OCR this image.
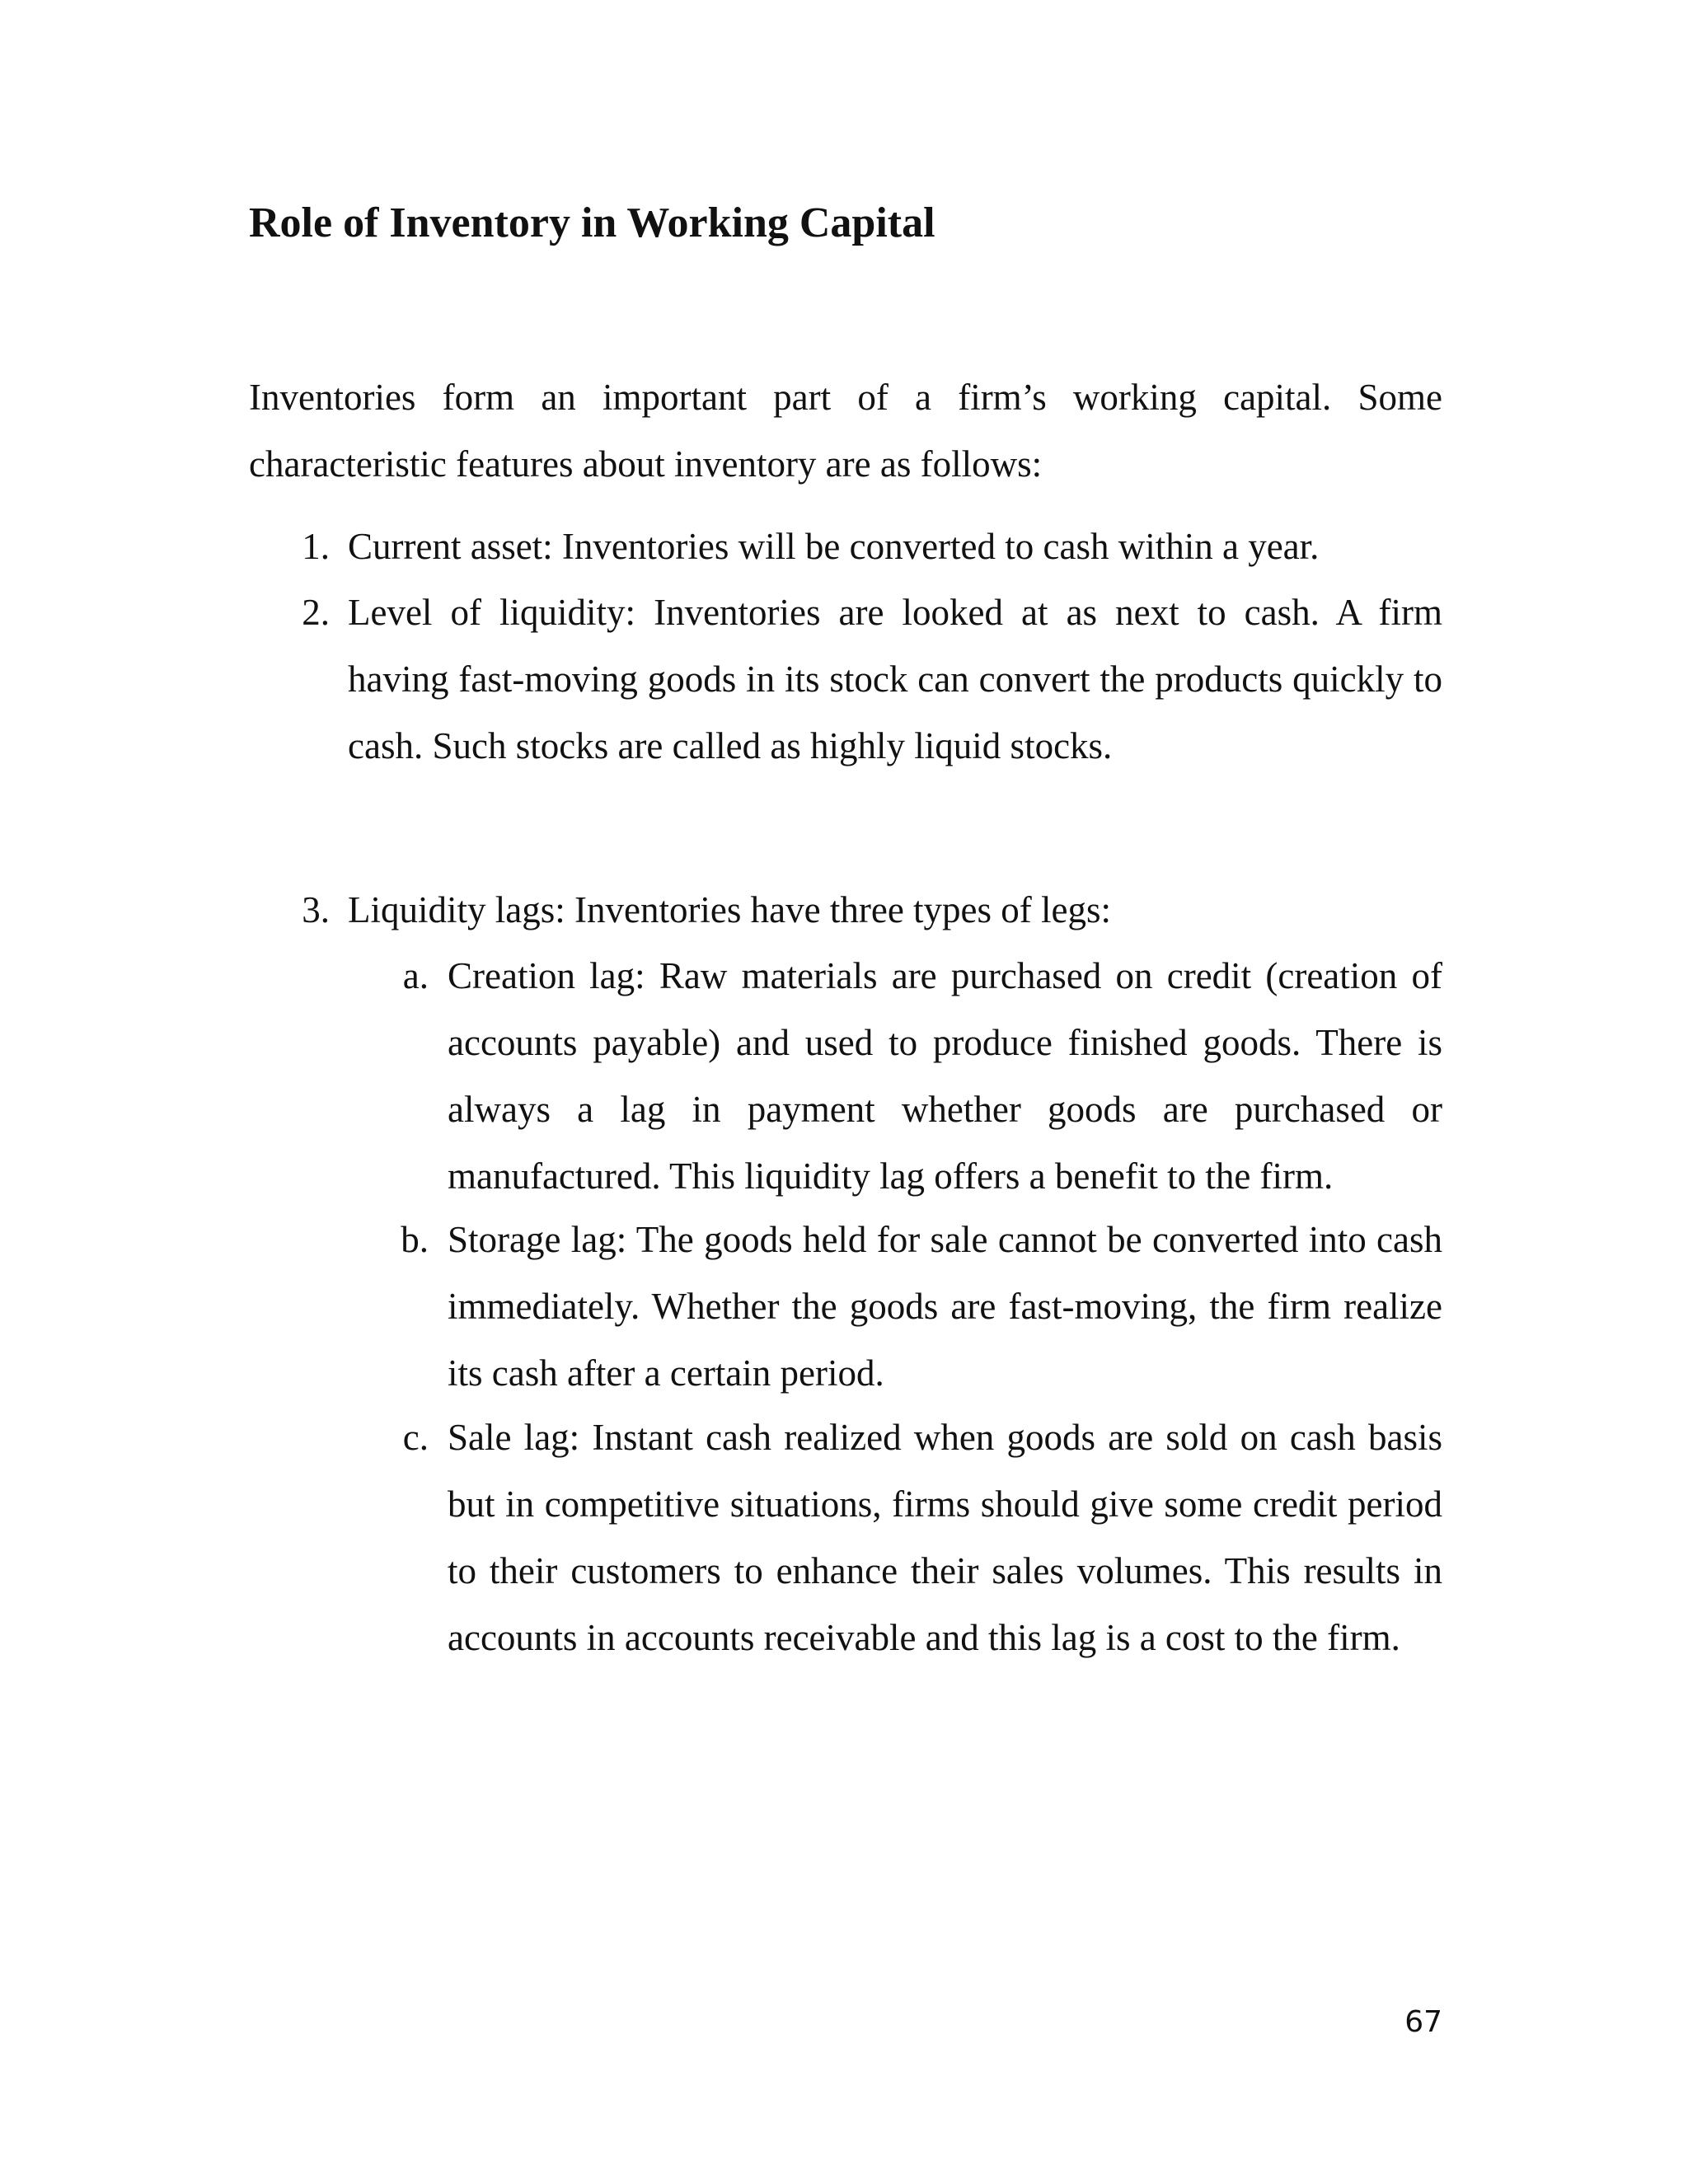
Role of Inventory in Working Capital

Inventories form an important part of a firm’s working capital. Some characteristic features about inventory are as follows:

1. Current asset: Inventories will be converted to cash within a year.

2. Level of liquidity: Inventories are looked at as next to cash. A firm having fast-moving goods in its stock can convert the products quickly to cash. Such stocks are called as highly liquid stocks.

3. Liquidity lags: Inventories have three types of legs:

a. Creation lag: Raw materials are purchased on credit (creation of accounts payable) and used to produce finished goods. There is always a lag in payment whether goods are purchased or manufactured. This liquidity lag offers a benefit to the firm.

b. Storage lag: The goods held for sale cannot be converted into cash immediately. Whether the goods are fast-moving, the firm realize its cash after a certain period.

c. Sale lag: Instant cash realized when goods are sold on cash basis but in competitive situations, firms should give some credit period to their customers to enhance their sales volumes. This results in accounts in accounts receivable and this lag is a cost to the firm.

67
